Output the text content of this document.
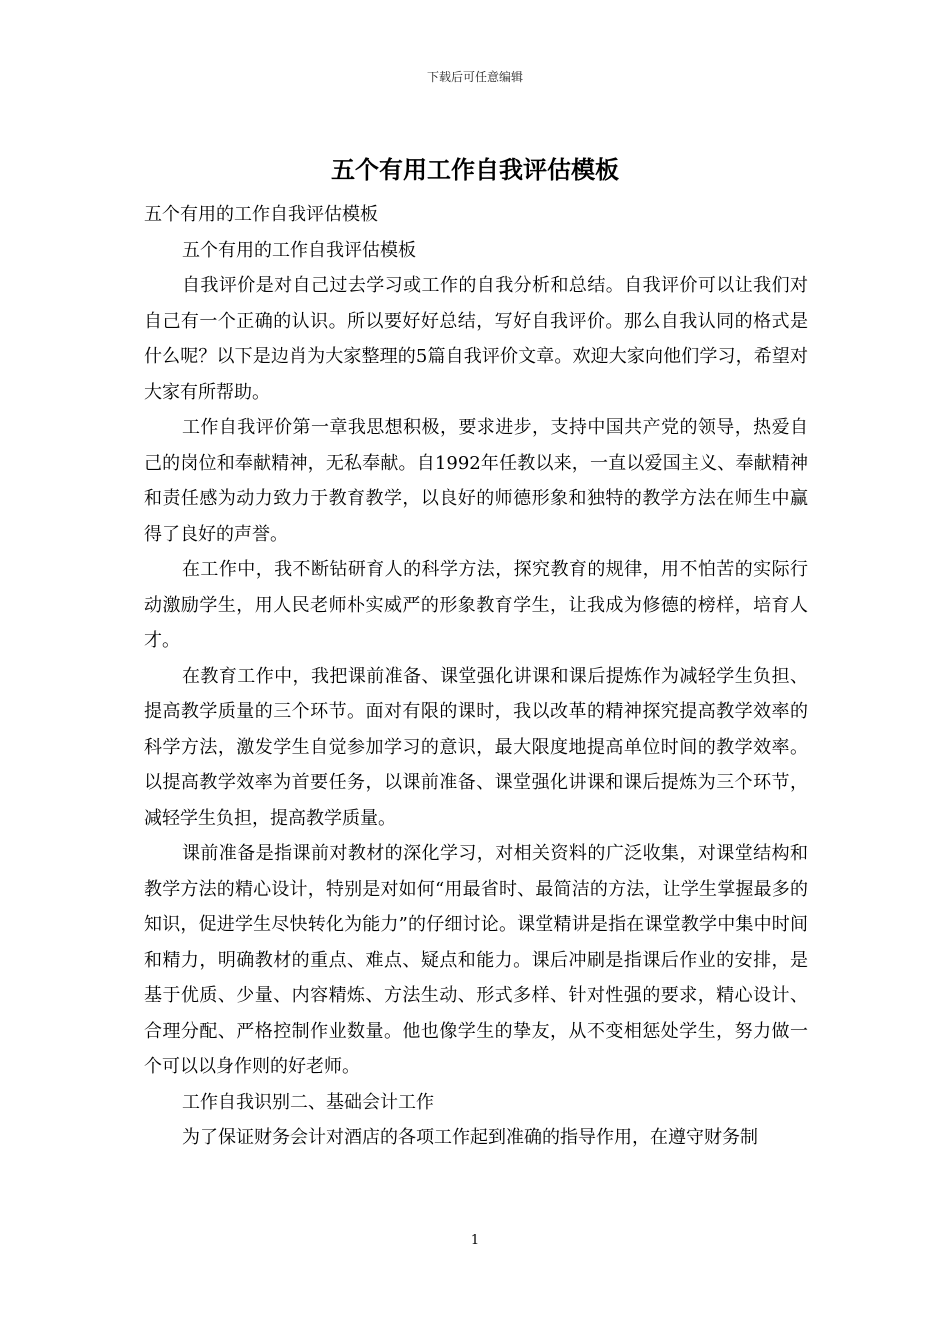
下载后可任意编辑
五个有用工作自我评估模板

五个有用的工作自我评估模板

五个有用的工作自我评估模板

自我评价是对自己过去学习或工作的自我分析和总结。自我评价可以让我们对自己有一个正确的认识。所以要好好总结，写好自我评价。那么自我认同的格式是什么呢？以下是边肖为大家整理的5篇自我评价文章。欢迎大家向他们学习，希望对大家有所帮助。

工作自我评价第一章我思想积极，要求进步，支持中国共产党的领导，热爱自己的岗位和奉献精神，无私奉献。自1992年任教以来，一直以爱国主义、奉献精神和责任感为动力致力于教育教学，以良好的师德形象和独特的教学方法在师生中赢得了良好的声誉。

在工作中，我不断钻研育人的科学方法，探究教育的规律，用不怕苦的实际行动激励学生，用人民老师朴实威严的形象教育学生，让我成为修德的榜样，培育人才。

在教育工作中，我把课前准备、课堂强化讲课和课后提炼作为减轻学生负担、提高教学质量的三个环节。面对有限的课时，我以改革的精神探究提高教学效率的科学方法，激发学生自觉参加学习的意识，最大限度地提高单位时间的教学效率。以提高教学效率为首要任务，以课前准备、课堂强化讲课和课后提炼为三个环节，减轻学生负担，提高教学质量。

课前准备是指课前对教材的深化学习，对相关资料的广泛收集，对课堂结构和教学方法的精心设计，特别是对如何“用最省时、最简洁的方法，让学生掌握最多的知识，促进学生尽快转化为能力”的仔细讨论。课堂精讲是指在课堂教学中集中时间和精力，明确教材的重点、难点、疑点和能力。课后冲刷是指课后作业的安排，是基于优质、少量、内容精炼、方法生动、形式多样、针对性强的要求，精心设计、合理分配、严格控制作业数量。他也像学生的挚友，从不变相惩处学生，努力做一个可以以身作则的好老师。

工作自我识别二、基础会计工作

为了保证财务会计对酒店的各项工作起到准确的指导作用，在遵守财务制

1
